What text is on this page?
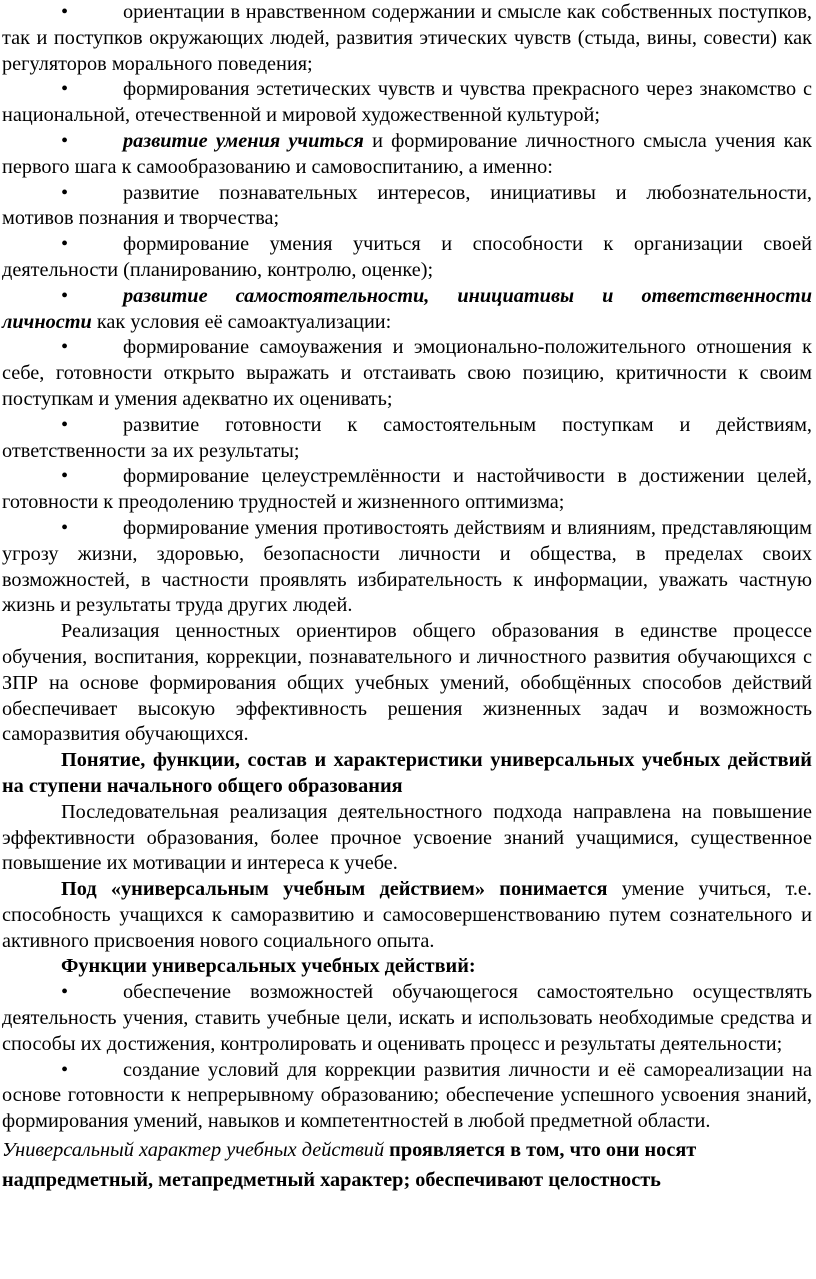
•	ориентации в нравственном содержании и смысле как собственных поступков, так и поступков окружающих людей, развития этических чувств (стыда, вины, совести) как регуляторов морального поведения;

•	формирования эстетических чувств и чувства прекрасного через знакомство с национальной, отечественной и мировой художественной культурой;

•	развитие умения учиться и формирование личностного смысла учения как первого шага к самообразованию и самовоспитанию, а именно:

•	развитие познавательных интересов, инициативы и любознательности, мотивов познания и творчества;

•	формирование умения учиться и способности к организации своей деятельности (планированию, контролю, оценке);

•	развитие самостоятельности, инициативы и ответственности личности как условия её самоактуализации:

•	формирование самоуважения и эмоционально-положительного отношения к себе, готовности открыто выражать и отстаивать свою позицию, критичности к своим поступкам и умения адекватно их оценивать;

•	развитие готовности к самостоятельным поступкам и действиям, ответственности за их результаты;

•	формирование целеустремлённости и настойчивости в достижении целей, готовности к преодолению трудностей и жизненного оптимизма;

•	формирование умения противостоять действиям и влияниям, представляющим угрозу жизни, здоровью, безопасности личности и общества, в пределах своих возможностей, в частности проявлять избирательность к информации, уважать частную жизнь и результаты труда других людей.

Реализация ценностных ориентиров общего образования в единстве процессе обучения, воспитания, коррекции, познавательного и личностного развития обучающихся с ЗПР на основе формирования общих учебных умений, обобщённых способов действий обеспечивает высокую эффективность решения жизненных задач и возможность саморазвития обучающихся.

Понятие, функции, состав и характеристики универсальных учебных действий на ступени начального общего образования

Последовательная реализация деятельностного подхода направлена на повышение эффективности образования, более прочное усвоение знаний учащимися, существенное повышение их мотивации и интереса к учебе.

Под «универсальным учебным действием» понимается умение учиться, т.е. способность учащихся к саморазвитию и самосовершенствованию путем сознательного и активного присвоения нового социального опыта.

Функции универсальных учебных действий:

•	обеспечение возможностей обучающегося самостоятельно осуществлять деятельность учения, ставить учебные цели, искать и использовать необходимые средства и способы их достижения, контролировать и оценивать процесс и результаты деятельности;

•	создание условий для коррекции развития личности и её самореализации на основе готовности к непрерывному образованию; обеспечение успешного усвоения знаний, формирования умений, навыков и компетентностей в любой предметной области.

Универсальный характер учебных действий проявляется в том, что они носят надпредметный, метапредметный характер; обеспечивают целостность
